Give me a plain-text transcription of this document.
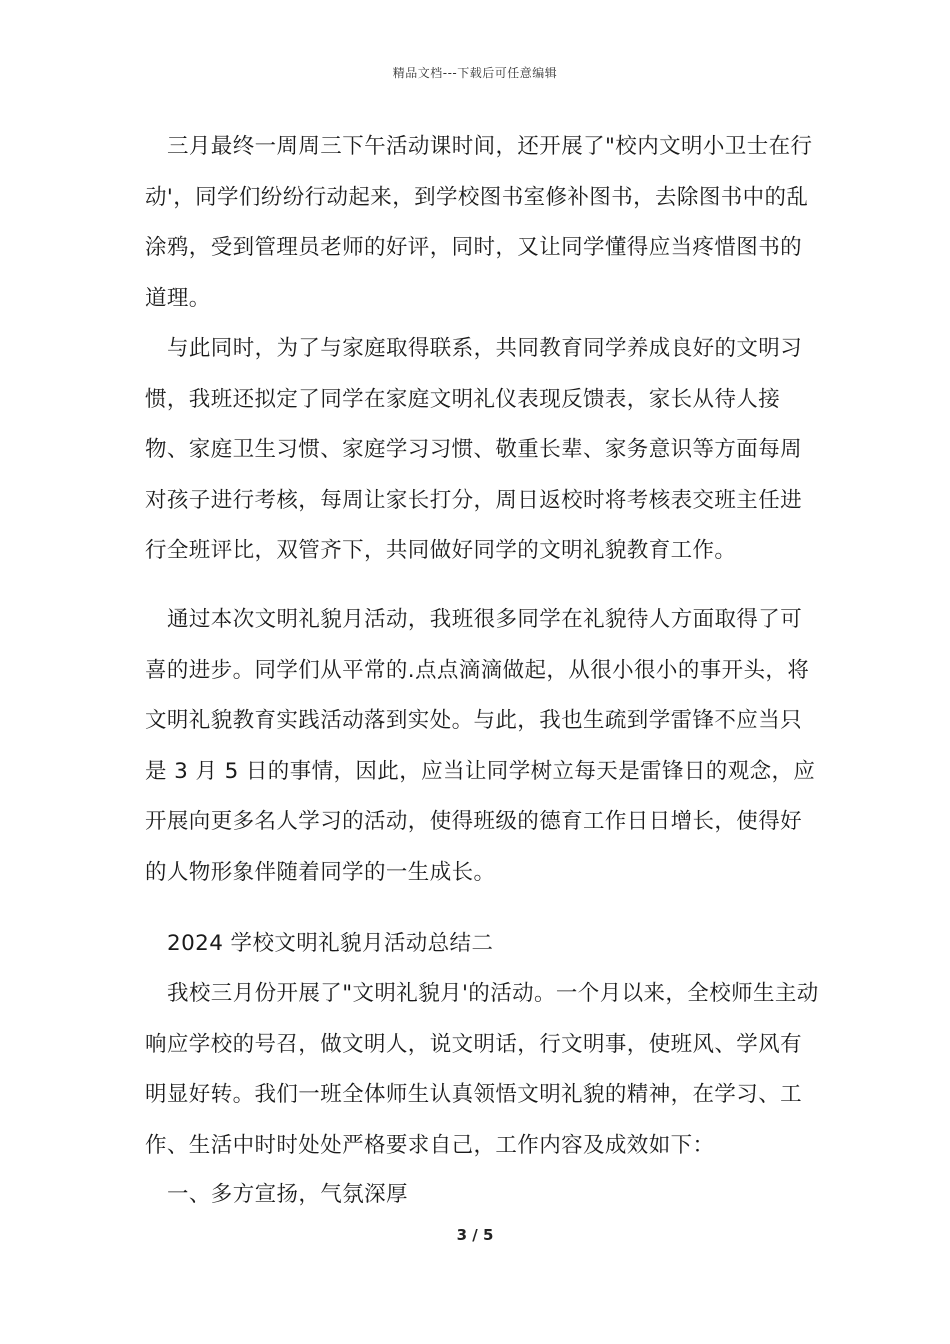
精品文档---下载后可任意编辑

三月最终一周周三下午活动课时间，还开展了"校内文明小卫士在行动'，同学们纷纷行动起来，到学校图书室修补图书，去除图书中的乱涂鸦，受到管理员老师的好评，同时，又让同学懂得应当疼惜图书的道理。

与此同时，为了与家庭取得联系，共同教育同学养成良好的文明习惯，我班还拟定了同学在家庭文明礼仪表现反馈表，家长从待人接物、家庭卫生习惯、家庭学习习惯、敬重长辈、家务意识等方面每周对孩子进行考核，每周让家长打分，周日返校时将考核表交班主任进行全班评比，双管齐下，共同做好同学的文明礼貌教育工作。

通过本次文明礼貌月活动，我班很多同学在礼貌待人方面取得了可喜的进步。同学们从平常的.点点滴滴做起，从很小很小的事开头，将文明礼貌教育实践活动落到实处。与此，我也生疏到学雷锋不应当只是 3 月 5 日的事情，因此，应当让同学树立每天是雷锋日的观念，应开展向更多名人学习的活动，使得班级的德育工作日日增长，使得好的人物形象伴随着同学的一生成长。

2024 学校文明礼貌月活动总结二

我校三月份开展了"文明礼貌月'的活动。一个月以来，全校师生主动响应学校的号召，做文明人，说文明话，行文明事，使班风、学风有明显好转。我们一班全体师生认真领悟文明礼貌的精神，在学习、工作、生活中时时处处严格要求自己，工作内容及成效如下：

一、多方宣扬，气氛深厚

3 / 5
